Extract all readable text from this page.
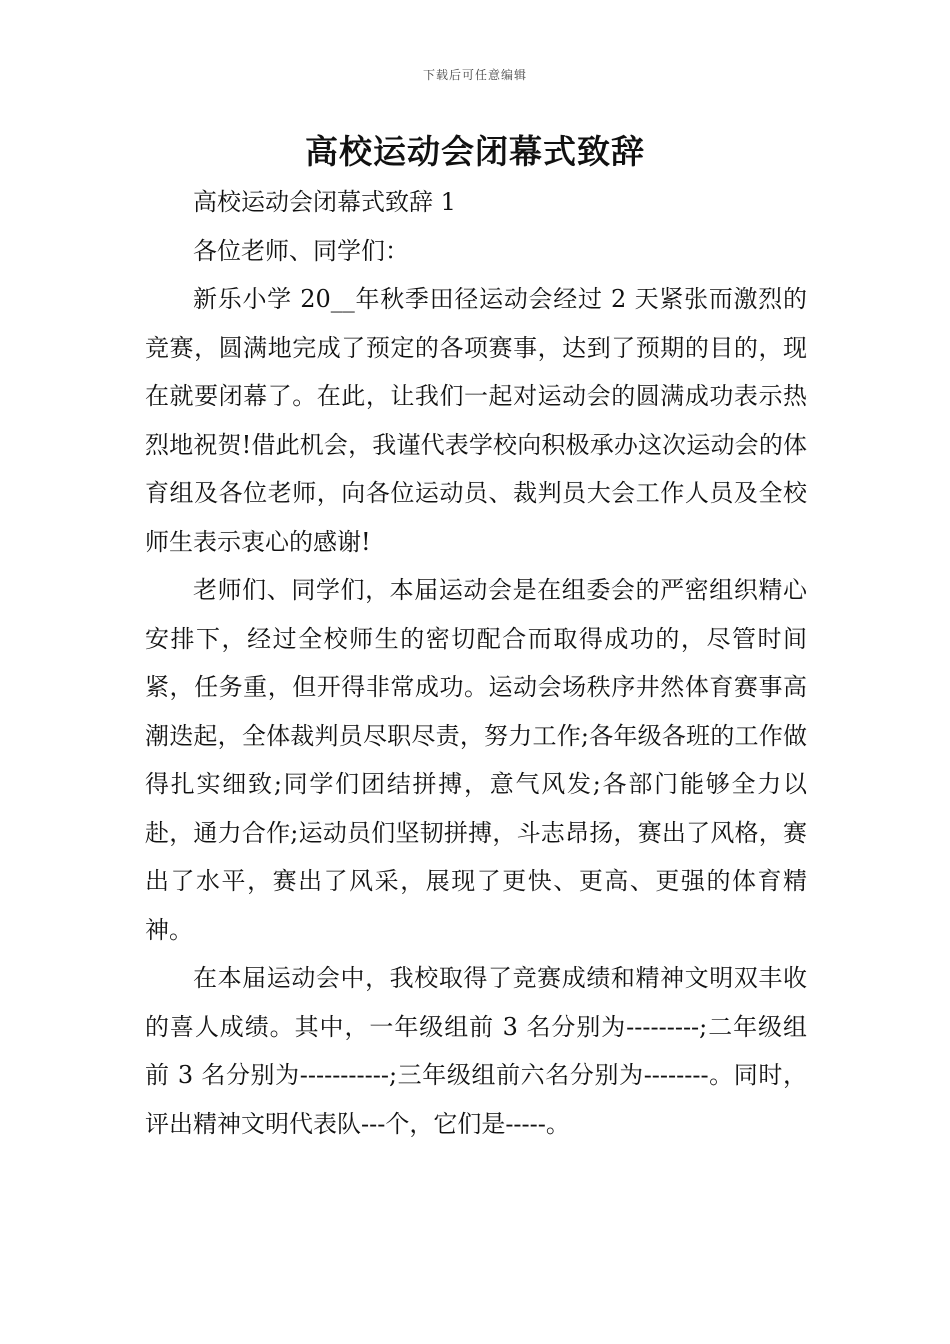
下载后可任意编辑
高校运动会闭幕式致辞

高校运动会闭幕式致辞 1

各位老师、同学们：

新乐小学 20__年秋季田径运动会经过 2 天紧张而激烈的竞赛，圆满地完成了预定的各项赛事，达到了预期的目的，现在就要闭幕了。在此，让我们一起对运动会的圆满成功表示热烈地祝贺!借此机会，我谨代表学校向积极承办这次运动会的体育组及各位老师，向各位运动员、裁判员大会工作人员及全校师生表示衷心的感谢!

老师们、同学们，本届运动会是在组委会的严密组织精心安排下，经过全校师生的密切配合而取得成功的，尽管时间紧，任务重，但开得非常成功。运动会场秩序井然体育赛事高潮迭起，全体裁判员尽职尽责，努力工作;各年级各班的工作做得扎实细致;同学们团结拼搏，意气风发;各部门能够全力以赴，通力合作;运动员们坚韧拼搏，斗志昂扬，赛出了风格，赛出了水平，赛出了风采，展现了更快、更高、更强的体育精神。

在本届运动会中，我校取得了竞赛成绩和精神文明双丰收的喜人成绩。其中，一年级组前 3 名分别为---------;二年级组前 3 名分别为-----------;三年级组前六名分别为--------。同时，评出精神文明代表队---个，它们是-----。
